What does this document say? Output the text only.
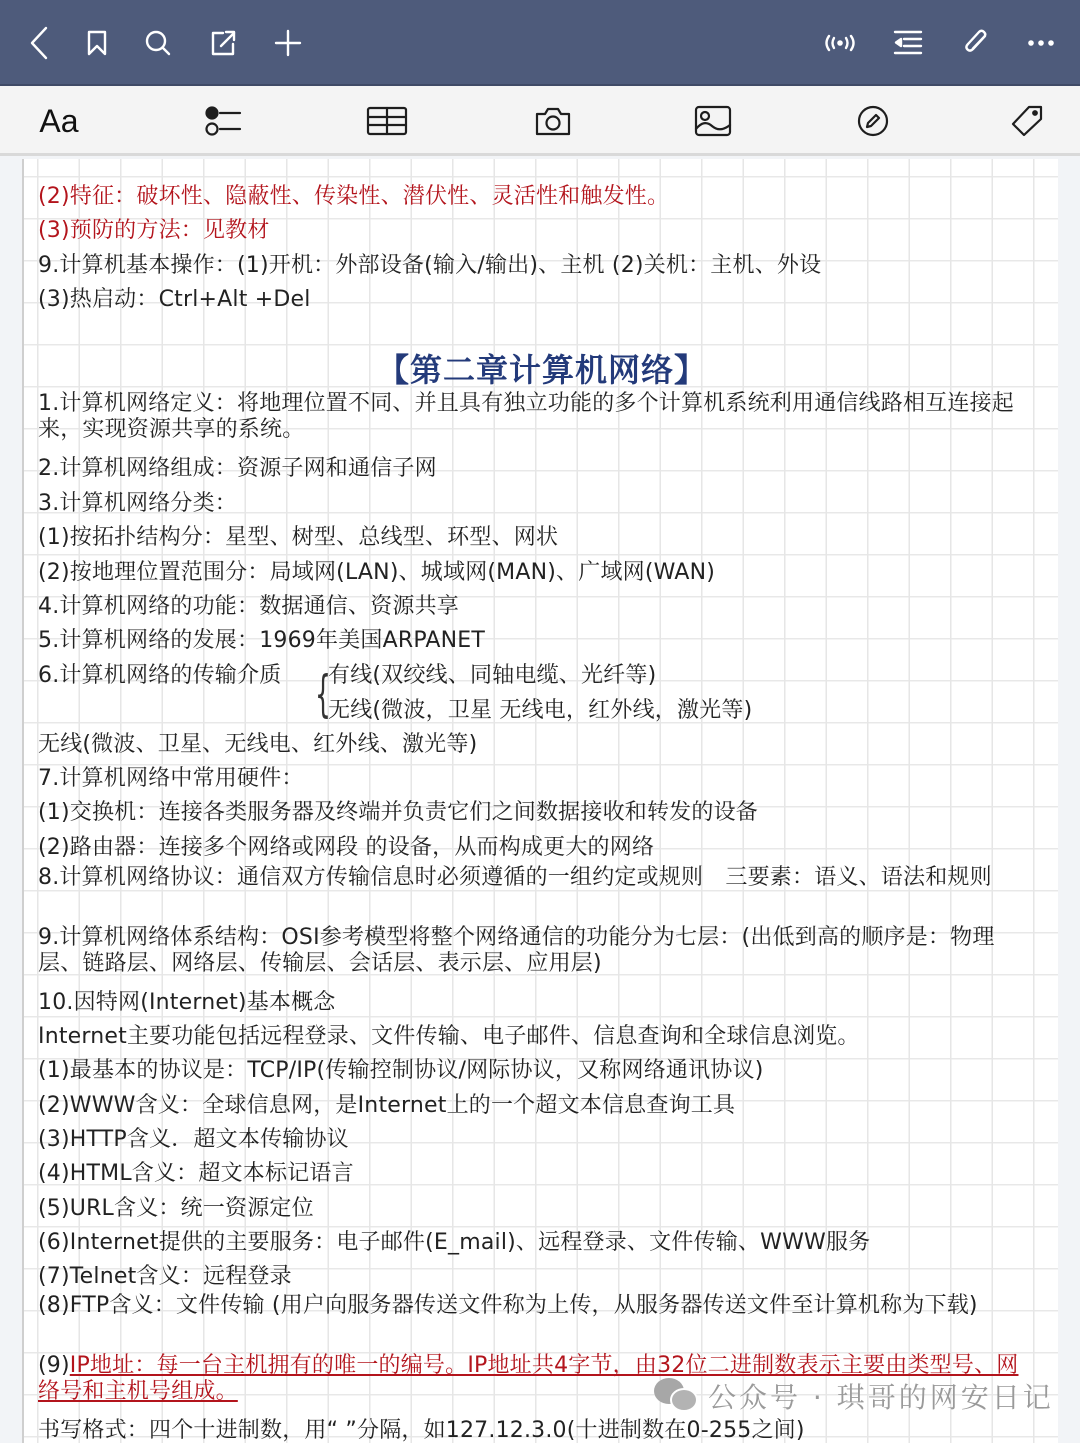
Aa
(2)特征：破坏性、隐蔽性、传染性、潜伏性、灵活性和触发性。
(3)预防的方法：见教材
9.计算机基本操作：(1)开机：外部设备(输入/输出)、主机 (2)关机：主机、外设
(3)热启动：Ctrl+Alt +Del
【第二章计算机网络】
1.计算机网络定义：将地理位置不同、并且具有独立功能的多个计算机系统利用通信线路相互连接起来，实现资源共享的系统。
2.计算机网络组成：资源子网和通信子网
3.计算机网络分类：
(1)按拓扑结构分：星型、树型、总线型、环型、网状
(2)按地理位置范围分：局域网(LAN)、城域网(MAN)、广域网(WAN)
4.计算机网络的功能：数据通信、资源共享
5.计算机网络的发展：1969年美国ARPANET
6.计算机网络的传输介质 {
有线(双绞线、同轴电缆、光纤等)
无线(微波，卫星 无线电，红外线，激光等)
无线(微波、卫星、无线电、红外线、激光等)
7.计算机网络中常用硬件：
(1)交换机：连接各类服务器及终端并负责它们之间数据接收和转发的设备
(2)路由器：连接多个网络或网段 的设备，从而构成更大的网络
8.计算机网络协议：通信双方传输信息时必须遵循的一组约定或规则　三要素：语义、语法和规则
9.计算机网络体系结构：OSI参考模型将整个网络通信的功能分为七层：(出低到高的顺序是：物理层、链路层、网络层、传输层、会话层、表示层、应用层)
10.因特网(Internet)基本概念
Internet主要功能包括远程登录、文件传输、电子邮件、信息查询和全球信息浏览。
(1)最基本的协议是：TCP/IP(传输控制协议/网际协议，又称网络通讯协议)
(2)WWW含义：全球信息网，是Internet上的一个超文本信息查询工具
(3)HTTP含义．超文本传输协议
(4)HTML含义：超文本标记语言
(5)URL含义：统一资源定位
(6)Internet提供的主要服务：电子邮件(E_mail)、远程登录、文件传输、WWW服务
(7)Telnet含义：远程登录
(8)FTP含义：文件传输 (用户向服务器传送文件称为上传，从服务器传送文件至计算机称为下载)
(9)IP地址：每一台主机拥有的唯一的编号。IP地址共4字节，由32位二进制数表示主要由类型号、网络号和主机号组成。
书写格式：四个十进制数，用“ ”分隔，如127.12.3.0(十进制数在0-255之间)
公众号 · 琪哥的网安日记
